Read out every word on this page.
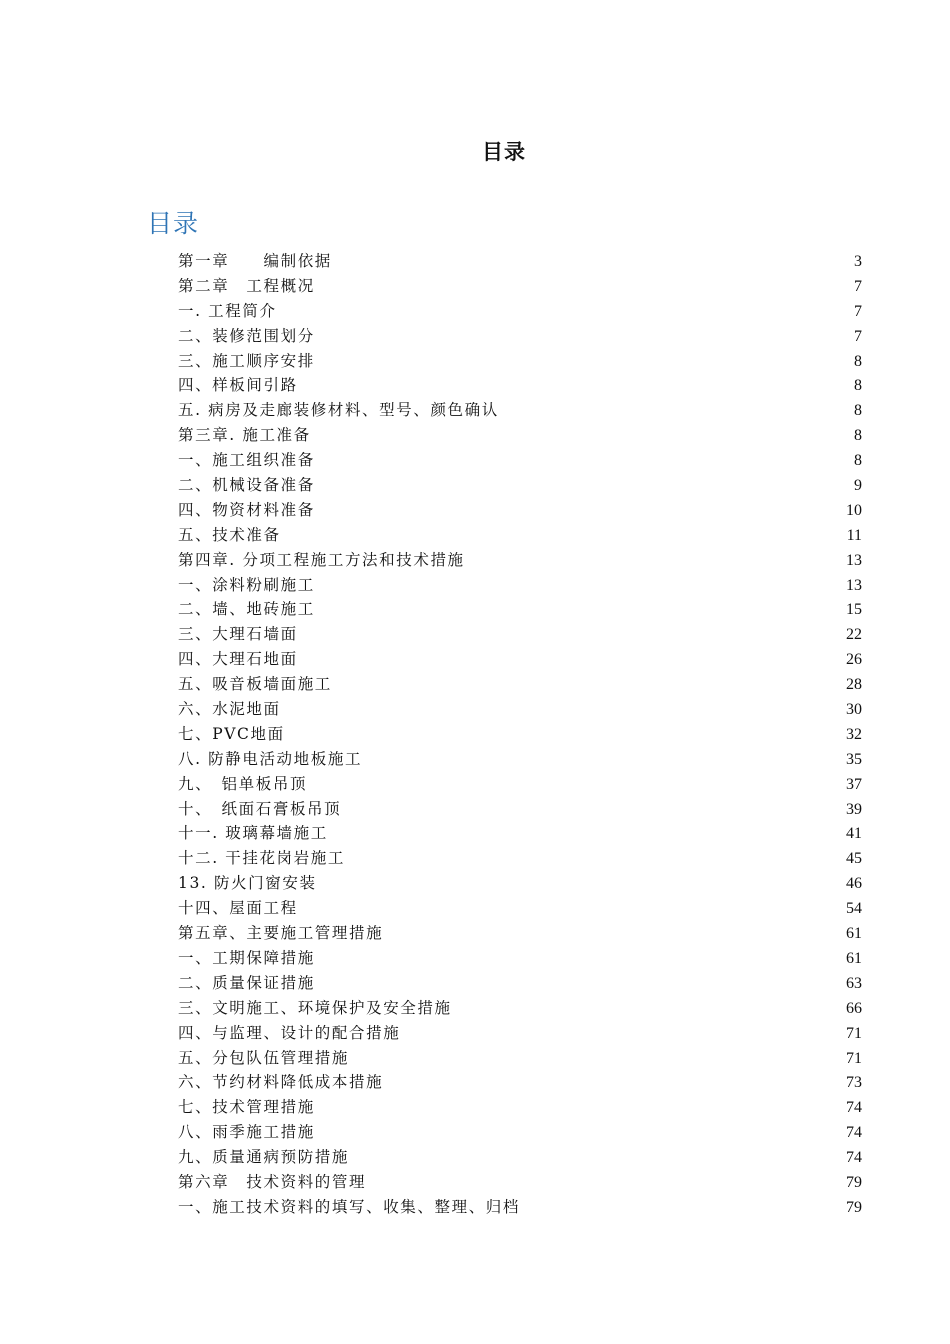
目录
目录
第一章　　编制依据	3
第二章　工程概况	7
一. 工程简介	7
二、装修范围划分	7
三、施工顺序安排	8
四、样板间引路	8
五. 病房及走廊装修材料、型号、颜色确认	8
第三章. 施工准备	8
一、施工组织准备	8
二、机械设备准备	9
四、物资材料准备	10
五、技术准备	11
第四章. 分项工程施工方法和技术措施	13
一、涂料粉刷施工	13
二、墙、地砖施工	15
三、大理石墙面	22
四、大理石地面	26
五、吸音板墙面施工	28
六、水泥地面	30
七、PVC地面	32
八. 防静电活动地板施工	35
九、　铝单板吊顶	37
十、　纸面石膏板吊顶	39
十一. 玻璃幕墙施工	41
十二. 干挂花岗岩施工	45
13. 防火门窗安装	46
十四、屋面工程	54
第五章、主要施工管理措施	61
一、工期保障措施	61
二、质量保证措施	63
三、文明施工、环境保护及安全措施	66
四、与监理、设计的配合措施	71
五、分包队伍管理措施	71
六、节约材料降低成本措施	73
七、技术管理措施	74
八、雨季施工措施	74
九、质量通病预防措施	74
第六章　技术资料的管理	79
一、施工技术资料的填写、收集、整理、归档	79
